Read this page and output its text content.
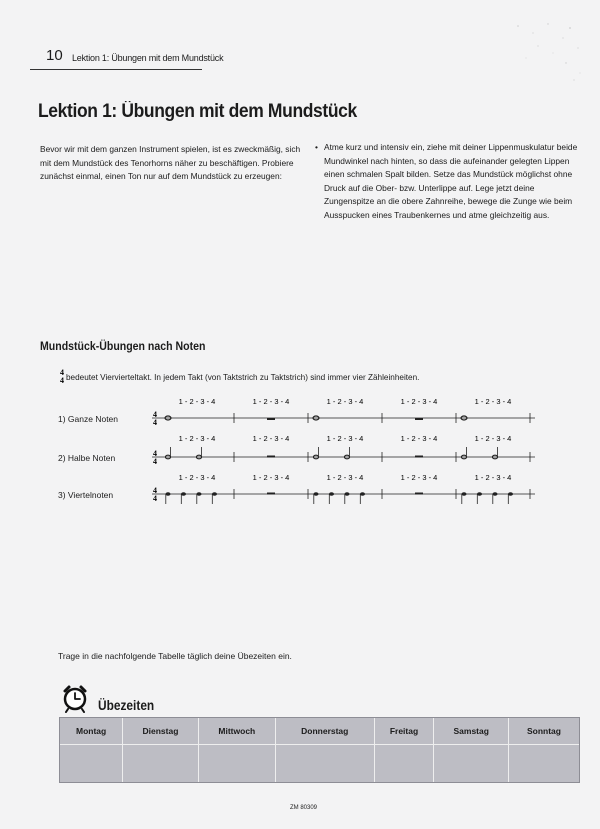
10 Lektion 1: Übungen mit dem Mundstück
Lektion 1: Übungen mit dem Mundstück

Bevor wir mit dem ganzen Instrument spielen, ist es zweckmäßig, sich mit dem Mundstück des Tenorhorns näher zu beschäftigen. Probiere zunächst einmal, einen Ton nur auf dem Mundstück zu erzeugen:

• Atme kurz und intensiv ein, ziehe mit deiner Lippenmuskulatur beide Mundwinkel nach hinten, so dass die aufeinander gelegten Lippen einen schmalen Spalt bilden. Setze das Mundstück möglichst ohne Druck auf die Ober- bzw. Unterlippe auf. Lege jetzt deine Zungenspitze an die obere Zahnreihe, bewege die Zunge wie beim Ausspucken eines Traubenkernes und atme gleichzeitig aus.
Mundstück-Übungen nach Noten
4
4 bedeutet Viervierteltakt. In jedem Takt (von Taktstrich zu Taktstrich) sind immer vier Zähleinheiten.
1) Ganze Noten
2) Halbe Noten
3) Viertelnoten
4
4
1 - 2 - 3 - 4	1 - 2 - 3 - 4	1 - 2 - 3 - 4	1 - 2 - 3 - 4	1 - 2 - 3 - 4
4
4
1 - 2 - 3 - 4	1 - 2 - 3 - 4	1 - 2 - 3 - 4	1 - 2 - 3 - 4	1 - 2 - 3 - 4
4
4
1 - 2 - 3 - 4	1 - 2 - 3 - 4	1 - 2 - 3 - 4	1 - 2 - 3 - 4	1 - 2 - 3 - 4
Trage in die nachfolgende Tabelle täglich deine Übezeiten ein.
Übezeiten
Montag	Dienstag	Mittwoch	Donnerstag	Freitag	Samstag	Sonntag

ZM 80309
